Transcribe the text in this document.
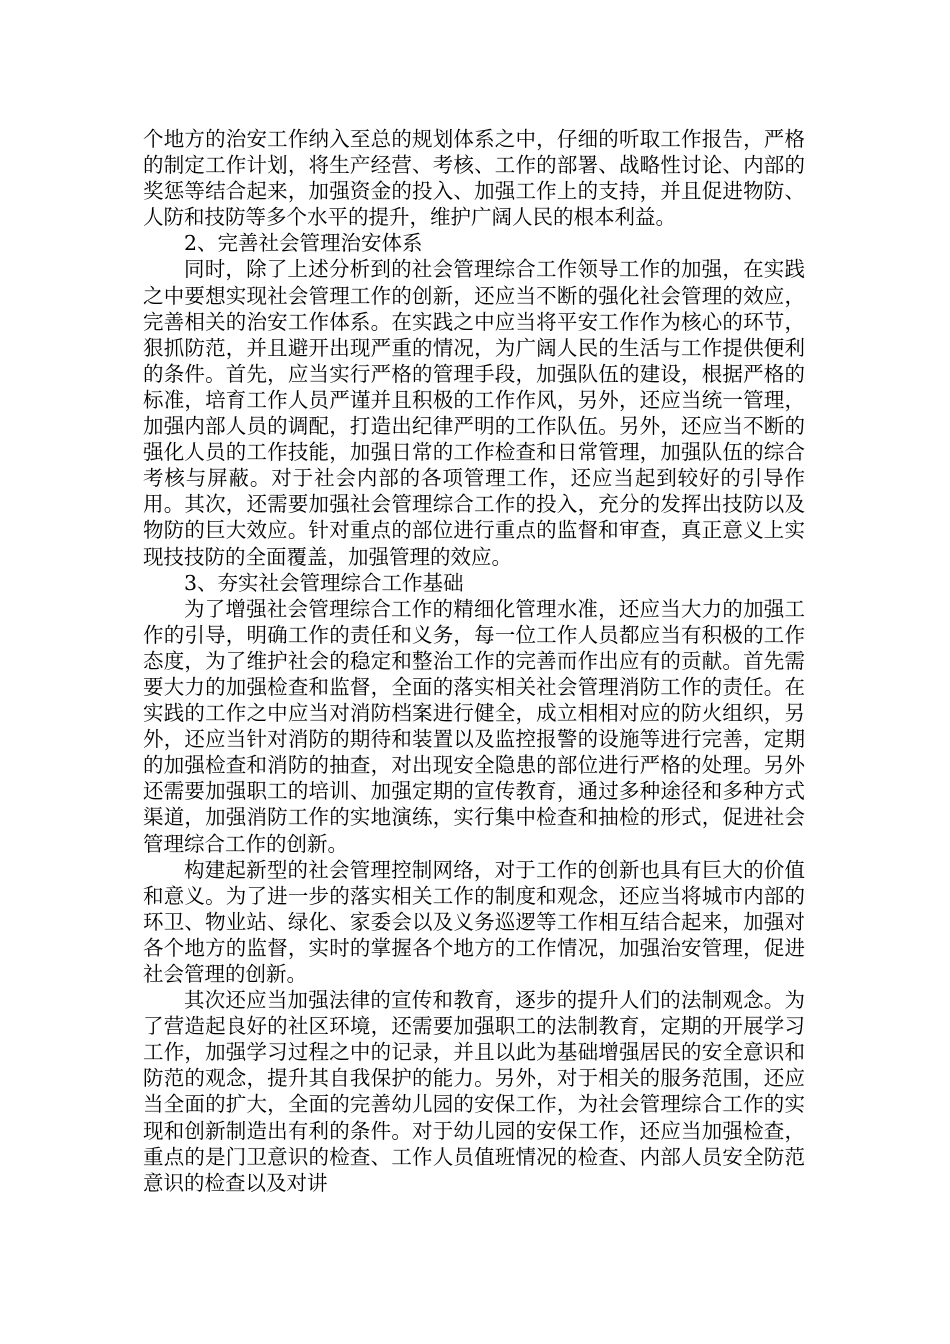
个地方的治安工作纳入至总的规划体系之中，仔细的听取工作报告，严格的制定工作计划，将生产经营、考核、工作的部署、战略性讨论、内部的奖惩等结合起来，加强资金的投入、加强工作上的支持，并且促进物防、人防和技防等多个水平的提升，维护广阔人民的根本利益。

2、完善社会管理治安体系

同时，除了上述分析到的社会管理综合工作领导工作的加强，在实践之中要想实现社会管理工作的创新，还应当不断的强化社会管理的效应，完善相关的治安工作体系。在实践之中应当将平安工作作为核心的环节，狠抓防范，并且避开出现严重的情况，为广阔人民的生活与工作提供便利的条件。首先，应当实行严格的管理手段，加强队伍的建设，根据严格的标准，培育工作人员严谨并且积极的工作作风，另外，还应当统一管理，加强内部人员的调配，打造出纪律严明的工作队伍。另外，还应当不断的强化人员的工作技能，加强日常的工作检查和日常管理，加强队伍的综合考核与屏蔽。对于社会内部的各项管理工作，还应当起到较好的引导作用。其次，还需要加强社会管理综合工作的投入，充分的发挥出技防以及物防的巨大效应。针对重点的部位进行重点的监督和审查，真正意义上实现技技防的全面覆盖，加强管理的效应。

3、夯实社会管理综合工作基础

为了增强社会管理综合工作的精细化管理水准，还应当大力的加强工作的引导，明确工作的责任和义务，每一位工作人员都应当有积极的工作态度，为了维护社会的稳定和整治工作的完善而作出应有的贡献。首先需要大力的加强检查和监督，全面的落实相关社会管理消防工作的责任。在实践的工作之中应当对消防档案进行健全，成立相相对应的防火组织，另外，还应当针对消防的期待和装置以及监控报警的设施等进行完善，定期的加强检查和消防的抽查，对出现安全隐患的部位进行严格的处理。另外还需要加强职工的培训、加强定期的宣传教育，通过多种途径和多种方式渠道，加强消防工作的实地演练，实行集中检查和抽检的形式，促进社会管理综合工作的创新。

构建起新型的社会管理控制网络，对于工作的创新也具有巨大的价值和意义。为了进一步的落实相关工作的制度和观念，还应当将城市内部的环卫、物业站、绿化、家委会以及义务巡逻等工作相互结合起来，加强对各个地方的监督，实时的掌握各个地方的工作情况，加强治安管理，促进社会管理的创新。

其次还应当加强法律的宣传和教育，逐步的提升人们的法制观念。为了营造起良好的社区环境，还需要加强职工的法制教育，定期的开展学习工作，加强学习过程之中的记录，并且以此为基础增强居民的安全意识和防范的观念，提升其自我保护的能力。另外，对于相关的服务范围，还应当全面的扩大，全面的完善幼儿园的安保工作，为社会管理综合工作的实现和创新制造出有利的条件。对于幼儿园的安保工作，还应当加强检查，重点的是门卫意识的检查、工作人员值班情况的检查、内部人员安全防范意识的检查以及对讲
